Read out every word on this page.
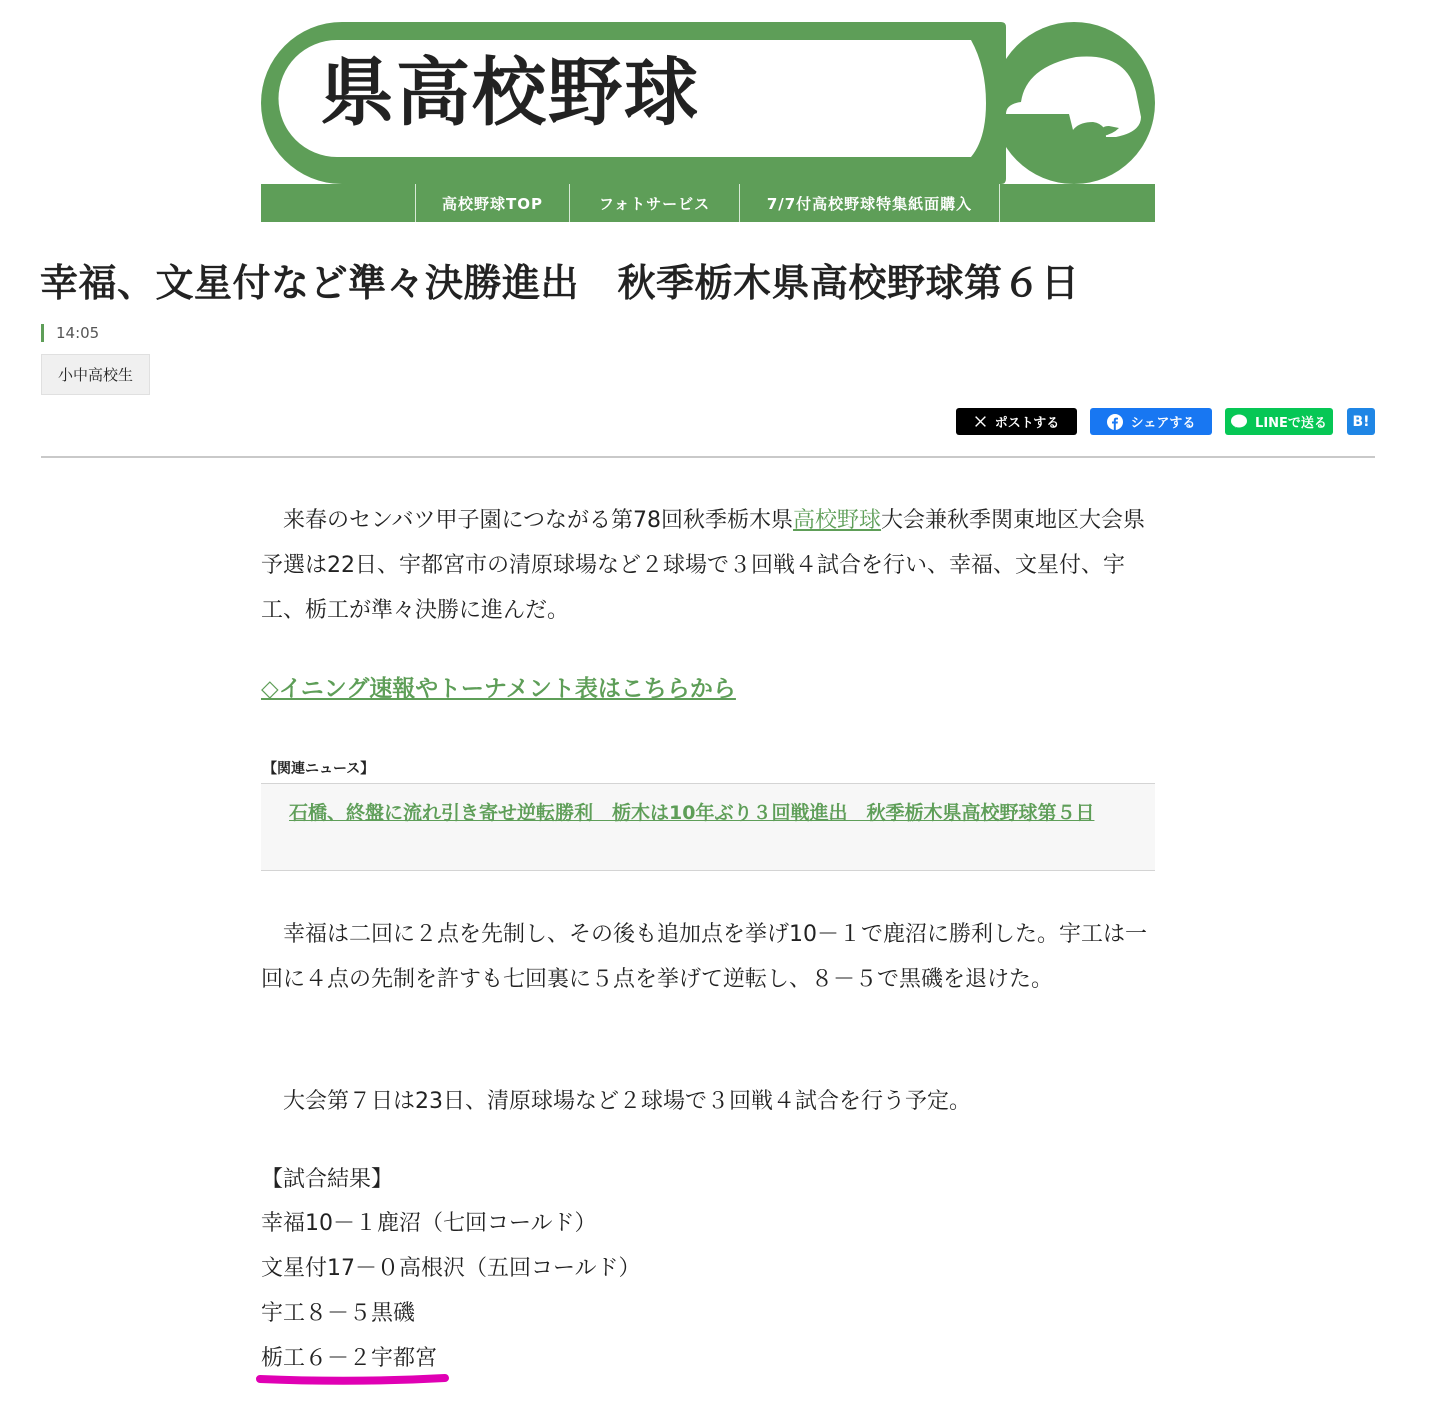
県高校野球
高校野球TOP	フォトサービス	7/7付高校野球特集紙面購入
幸福、文星付など準々決勝進出　秋季栃木県高校野球第６日
14:05
小中高校生
ポストする	シェアする	LINEで送る B!

　来春のセンバツ甲子園につながる第78回秋季栃木県高校野球大会兼秋季関東地区大会県予選は22日、宇都宮市の清原球場など２球場で３回戦４試合を行い、幸福、文星付、宇工、栃工が準々決勝に進んだ。

◇イニング速報やトーナメント表はこちらから
【関連ニュース】
石橋、終盤に流れ引き寄せ逆転勝利　栃木は10年ぶり３回戦進出　秋季栃木県高校野球第５日

　幸福は二回に２点を先制し、その後も追加点を挙げ10－１で鹿沼に勝利した。宇工は一回に４点の先制を許すも七回裏に５点を挙げて逆転し、８－５で黒磯を退けた。

　大会第７日は23日、清原球場など２球場で３回戦４試合を行う予定。

【試合結果】
幸福10－１鹿沼（七回コールド）
文星付17－０高根沢（五回コールド）
宇工８－５黒磯
栃工６－２宇都宮
